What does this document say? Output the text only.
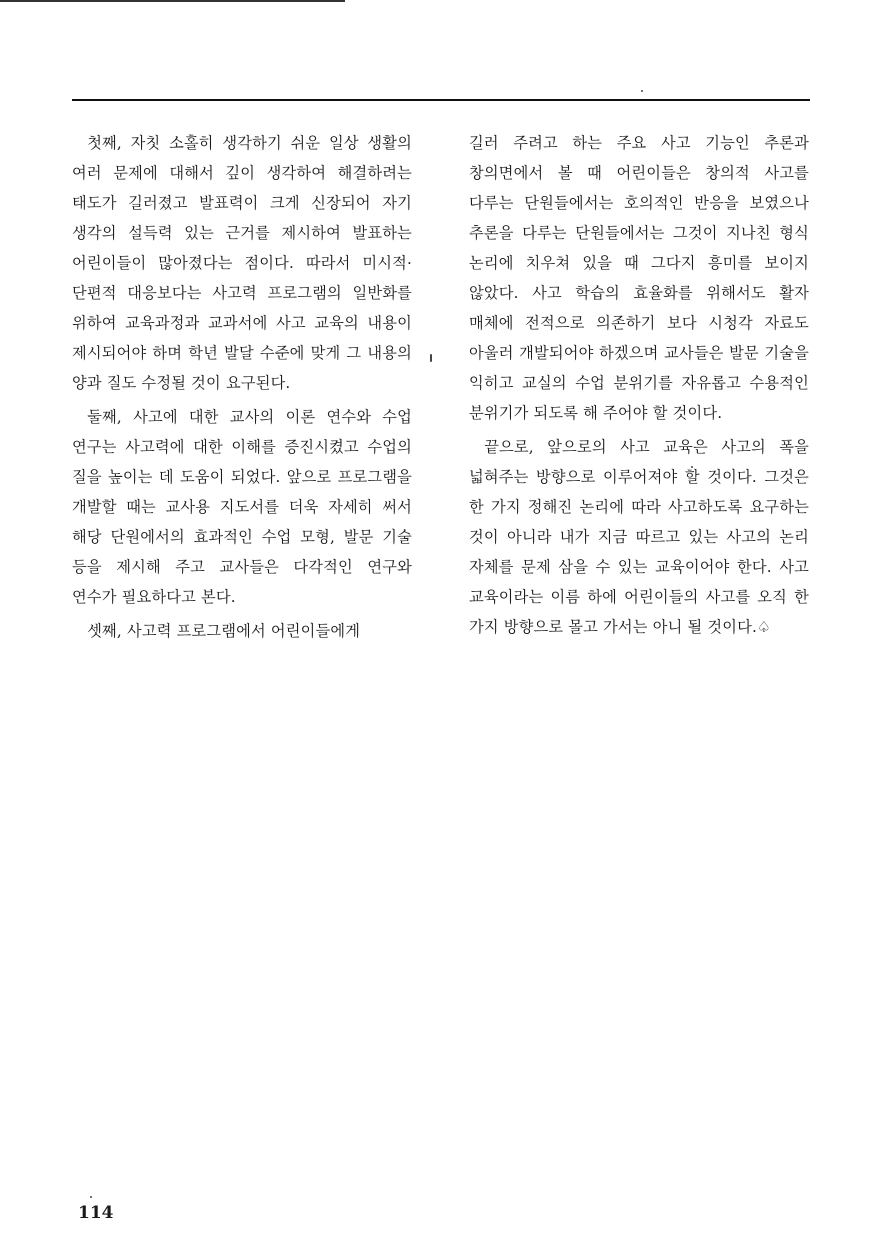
첫째, 자칫 소홀히 생각하기 쉬운 일상 생활의 여러 문제에 대해서 깊이 생각하여 해결하려는 태도가 길러졌고 발표력이 크게 신장되어 자기 생각의 설득력 있는 근거를 제시하여 발표하는 어린이들이 많아졌다는 점이다. 따라서 미시적·단편적 대응보다는 사고력 프로그램의 일반화를 위하여 교육과정과 교과서에 사고 교육의 내용이 제시되어야 하며 학년 발달 수준에 맞게 그 내용의 양과 질도 수정될 것이 요구된다.

둘째, 사고에 대한 교사의 이론 연수와 수업 연구는 사고력에 대한 이해를 증진시켰고 수업의 질을 높이는 데 도움이 되었다. 앞으로 프로그램을 개발할 때는 교사용 지도서를 더욱 자세히 써서 해당 단원에서의 효과적인 수업 모형, 발문 기술 등을 제시해 주고 교사들은 다각적인 연구와 연수가 필요하다고 본다.

셋째, 사고력 프로그램에서 어린이들에게

길러 주려고 하는 주요 사고 기능인 추론과 창의면에서 볼 때 어린이들은 창의적 사고를 다루는 단원들에서는 호의적인 반응을 보였으나 추론을 다루는 단원들에서는 그것이 지나친 형식 논리에 치우쳐 있을 때 그다지 흥미를 보이지 않았다. 사고 학습의 효율화를 위해서도 활자 매체에 전적으로 의존하기 보다 시청각 자료도 아울러 개발되어야 하겠으며 교사들은 발문 기술을 익히고 교실의 수업 분위기를 자유롭고 수용적인 분위기가 되도록 해 주어야 할 것이다.

끝으로, 앞으로의 사고 교육은 사고의 폭을 넓혀주는 방향으로 이루어져야 할 것이다. 그것은 한 가지 정해진 논리에 따라 사고하도록 요구하는 것이 아니라 내가 지금 따르고 있는 사고의 논리 자체를 문제 삼을 수 있는 교육이어야 한다. 사고 교육이라는 이름 하에 어린이들의 사고를 오직 한 가지 방향으로 몰고 가서는 아니 될 것이다.♤

114
